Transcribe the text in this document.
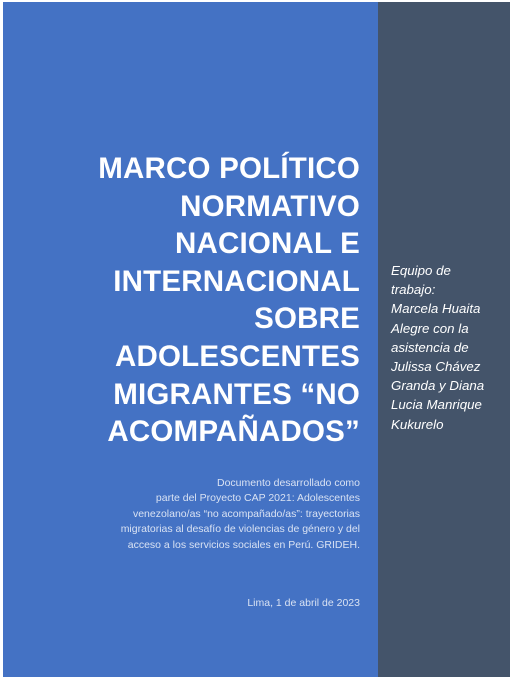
MARCO POLÍTICO
NORMATIVO
NACIONAL E
INTERNACIONAL
SOBRE
ADOLESCENTES
MIGRANTES “NO
ACOMPAÑADOS”
Documento desarrollado como
parte del Proyecto CAP 2021: Adolescentes
venezolano/as “no acompañado/as”: trayectorias
migratorias al desafío de violencias de género y del
acceso a los servicios sociales en Perú. GRIDEH.
Lima, 1 de abril de 2023
Equipo de
trabajo:
Marcela Huaita
Alegre con la
asistencia de
Julissa Chávez
Granda y Diana
Lucia Manrique
Kukurelo
